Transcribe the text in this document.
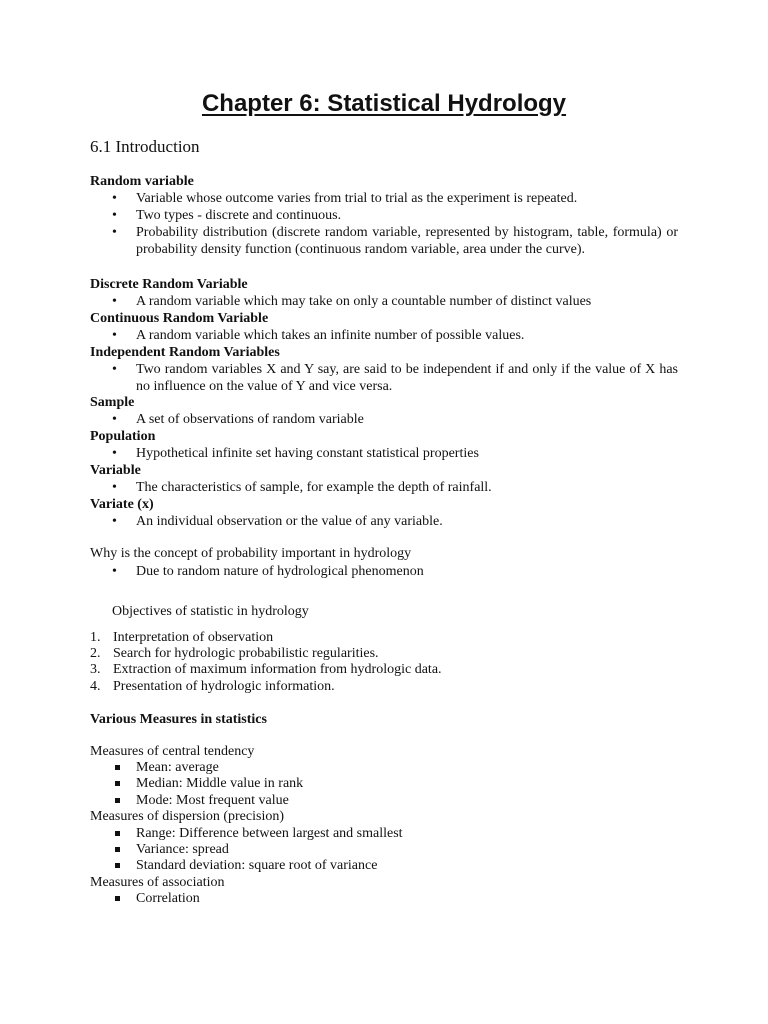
Chapter 6: Statistical Hydrology
6.1 Introduction
Random variable
• Variable whose outcome varies from trial to trial as the experiment is repeated.
• Two types - discrete and continuous.
• Probability distribution (discrete random variable, represented by histogram, table, formula) or probability density function (continuous random variable, area under the curve).
Discrete Random Variable
• A random variable which may take on only a countable number of distinct values
Continuous Random Variable
• A random variable which takes an infinite number of possible values.
Independent Random Variables
• Two random variables X and Y say, are said to be independent if and only if the value of X has no influence on the value of Y and vice versa.
Sample
• A set of observations of random variable
Population
• Hypothetical infinite set having constant statistical properties
Variable
• The characteristics of sample, for example the depth of rainfall.
Variate (x)
• An individual observation or the value of any variable.
Why is the concept of probability important in hydrology
• Due to random nature of hydrological phenomenon
Objectives of statistic in hydrology
1. Interpretation of observation
2. Search for hydrologic probabilistic regularities.
3. Extraction of maximum information from hydrologic data.
4. Presentation of hydrologic information.
Various Measures in statistics
Measures of central tendency
Mean: average
Median: Middle value in rank
Mode: Most frequent value
Measures of dispersion (precision)
Range: Difference between largest and smallest
Variance: spread
Standard deviation: square root of variance
Measures of association
Correlation
